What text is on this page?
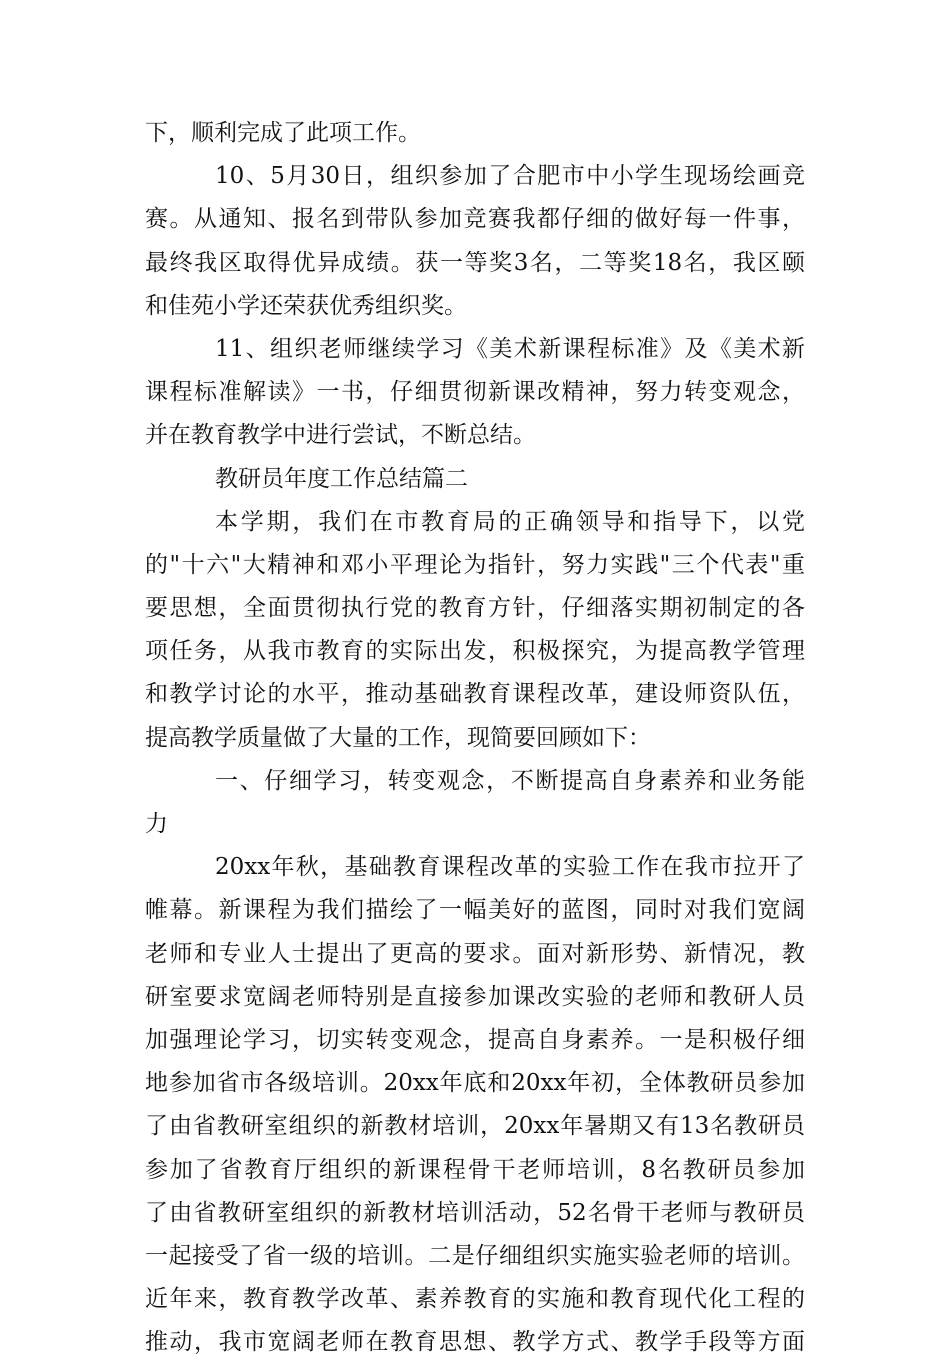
下，顺利完成了此项工作。
10、5月30日，组织参加了合肥市中小学生现场绘画竞
赛。从通知、报名到带队参加竞赛我都仔细的做好每一件事，
最终我区取得优异成绩。获一等奖3名，二等奖18名，我区颐
和佳苑小学还荣获优秀组织奖。
11、组织老师继续学习《美术新课程标准》及《美术新
课程标准解读》一书，仔细贯彻新课改精神，努力转变观念，
并在教育教学中进行尝试，不断总结。
教研员年度工作总结篇二
本学期，我们在市教育局的正确领导和指导下，以党
的"十六"大精神和邓小平理论为指针，努力实践"三个代表"重
要思想，全面贯彻执行党的教育方针，仔细落实期初制定的各
项任务，从我市教育的实际出发，积极探究，为提高教学管理
和教学讨论的水平，推动基础教育课程改革，建设师资队伍，
提高教学质量做了大量的工作，现简要回顾如下：
一、仔细学习，转变观念，不断提高自身素养和业务能
力
20xx年秋，基础教育课程改革的实验工作在我市拉开了
帷幕。新课程为我们描绘了一幅美好的蓝图，同时对我们宽阔
老师和专业人士提出了更高的要求。面对新形势、新情况，教
研室要求宽阔老师特别是直接参加课改实验的老师和教研人员
加强理论学习，切实转变观念，提高自身素养。一是积极仔细
地参加省市各级培训。20xx年底和20xx年初，全体教研员参加
了由省教研室组织的新教材培训，20xx年暑期又有13名教研员
参加了省教育厅组织的新课程骨干老师培训，8名教研员参加
了由省教研室组织的新教材培训活动，52名骨干老师与教研员
一起接受了省一级的培训。二是仔细组织实施实验老师的培训。
近年来，教育教学改革、素养教育的实施和教育现代化工程的
推动，我市宽阔老师在教育思想、教学方式、教学手段等方面
